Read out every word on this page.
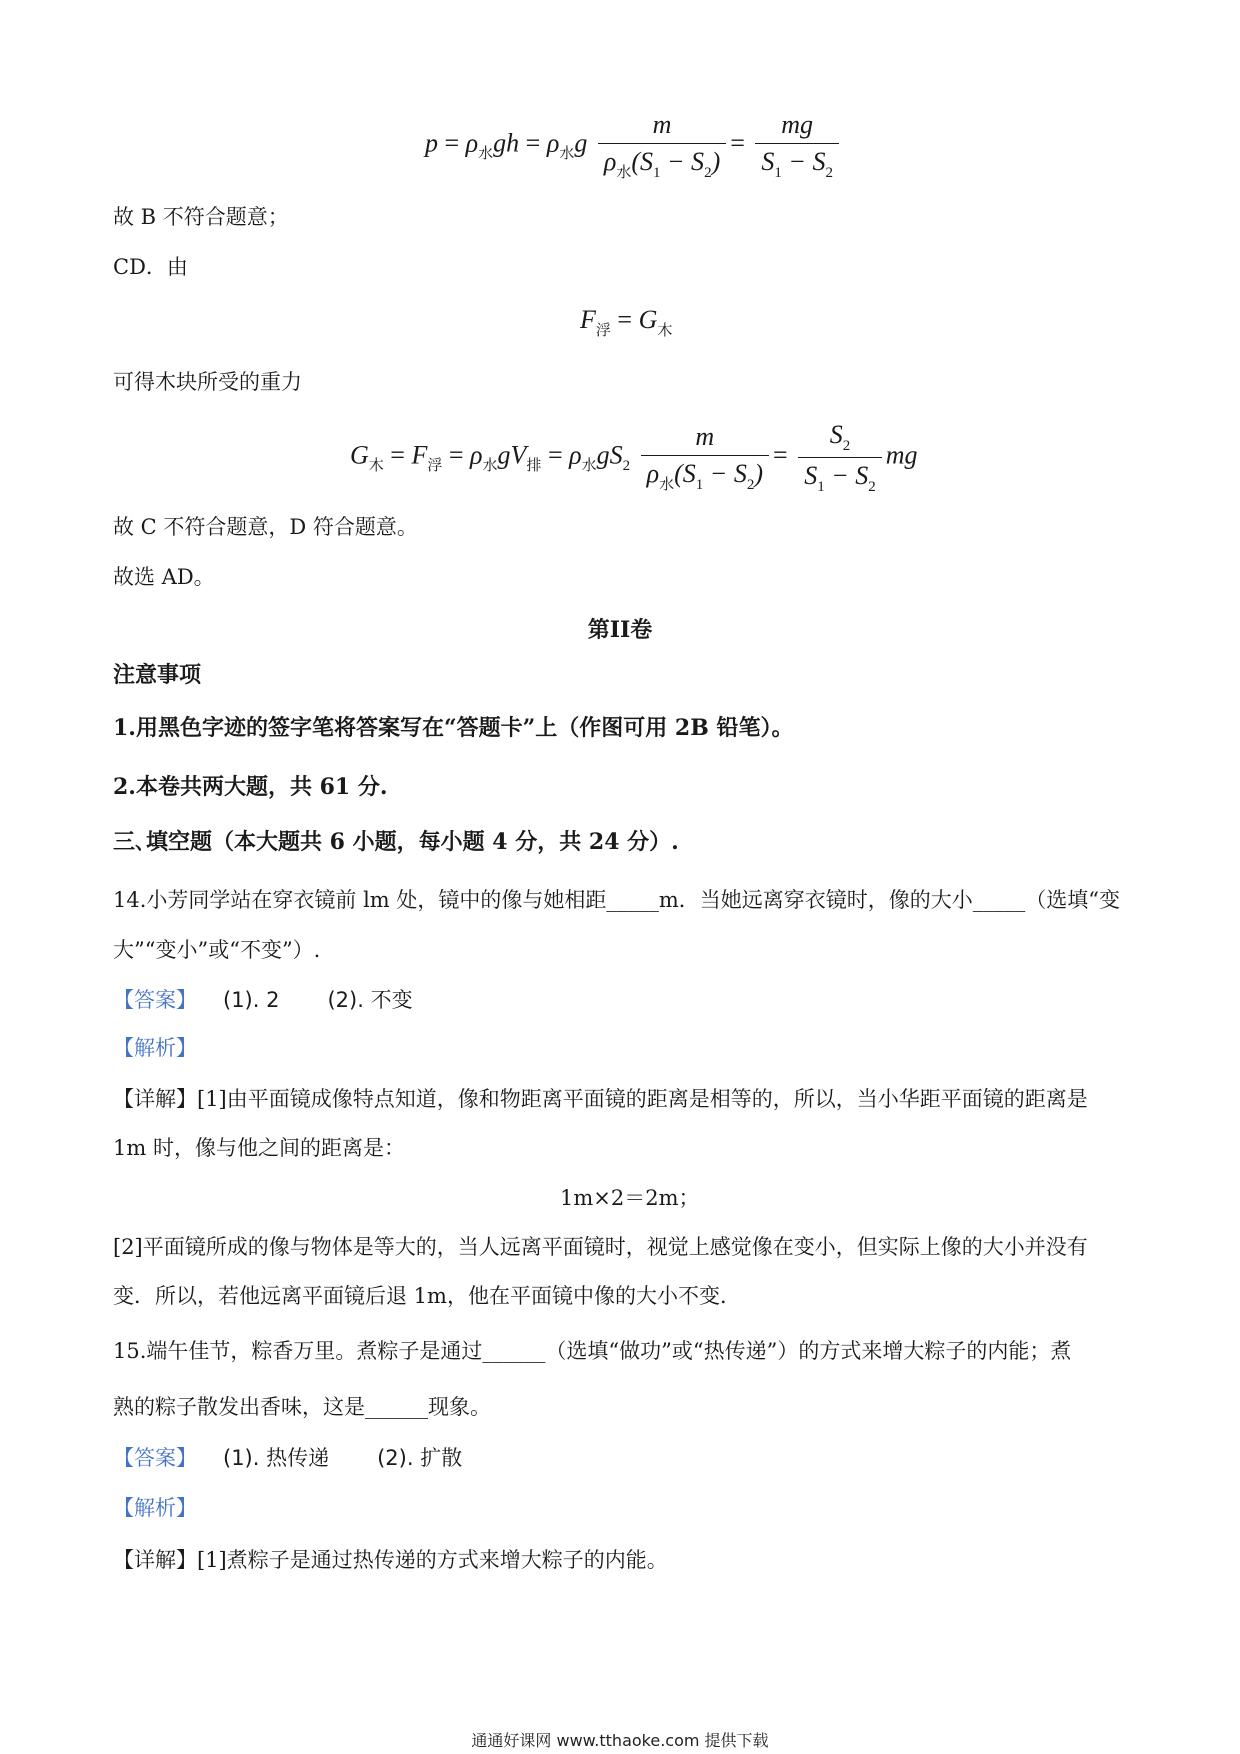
$p = \rho_水gh = \rho_水g \frac{m}{\rho_水(S_1 - S_2)} = \frac{mg}{S_1 - S_2}$
故 B 不符合题意；
CD．由
$F_浮 = G_木$
可得木块所受的重力
$G_木 = F_浮 = \rho_水gV_排 = \rho_水gS_2 \frac{m}{\rho_水(S_1 - S_2)} = \frac{S_2}{S_1 - S_2}$ mg
故 C 不符合题意，D 符合题意。
故选 AD。
第II卷
注意事项
1.用黑色字迹的签字笔将答案写在“答题卡”上（作图可用 2B 铅笔）。
2.本卷共两大题，共 61 分.
三､填空题（本大题共 6 小题，每小题 4 分，共 24 分）.
14.小芳同学站在穿衣镜前 lm 处，镜中的像与她相距_____m．当她远离穿衣镜时，像的大小_____（选填“变
大”“变小”或“不变”）.
【答案】 (1). 2 (2). 不变
【解析】
【详解】[1]由平面镜成像特点知道，像和物距离平面镜的距离是相等的，所以，当小华距平面镜的距离是
1m 时，像与他之间的距离是：
1m×2＝2m；
[2]平面镜所成的像与物体是等大的，当人远离平面镜时，视觉上感觉像在变小，但实际上像的大小并没有
变．所以，若他远离平面镜后退 1m，他在平面镜中像的大小不变．
15.端午佳节，粽香万里。煮粽子是通过______（选填“做功”或“热传递”）的方式来增大粽子的内能；煮
熟的粽子散发出香味，这是______现象。
【答案】 (1). 热传递 (2). 扩散
【解析】
【详解】[1]煮粽子是通过热传递的方式来增大粽子的内能。
通通好课网 www.tthaoke.com 提供下载
